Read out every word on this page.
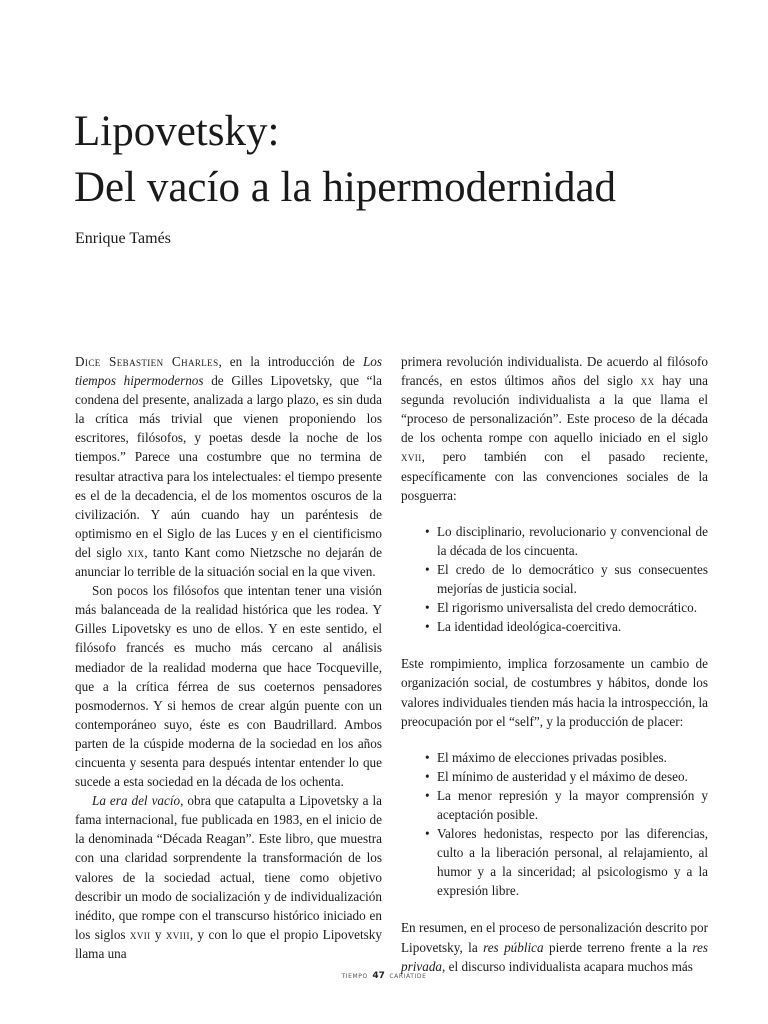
Lipovetsky:
Del vacío a la hipermodernidad
Enrique Tamés

Dice Sebastien Charles, en la introducción de Los tiempos hipermodernos de Gilles Lipovetsky, que “la condena del presente, analizada a largo plazo, es sin duda la crítica más trivial que vienen proponiendo los escritores, filósofos, y poetas desde la noche de los tiempos.” Parece una costumbre que no termina de resultar atractiva para los intelectuales: el tiempo presente es el de la decadencia, el de los momentos oscuros de la civilización. Y aún cuando hay un paréntesis de optimismo en el Siglo de las Luces y en el cientificismo del siglo xix, tanto Kant como Nietzsche no dejarán de anunciar lo terrible de la situación social en la que viven.

Son pocos los filósofos que intentan tener una visión más balanceada de la realidad histórica que les rodea. Y Gilles Lipovetsky es uno de ellos. Y en este sentido, el filósofo francés es mucho más cercano al análisis mediador de la realidad moderna que hace Tocqueville, que a la crítica férrea de sus coeternos pensadores posmodernos. Y si hemos de crear algún puente con un contemporáneo suyo, éste es con Baudrillard. Ambos parten de la cúspide moderna de la sociedad en los años cincuenta y sesenta para después intentar entender lo que sucede a esta sociedad en la década de los ochenta.

La era del vacío, obra que catapulta a Lipovetsky a la fama internacional, fue publicada en 1983, en el inicio de la denominada “Década Reagan”. Este libro, que muestra con una claridad sorprendente la transformación de los valores de la sociedad actual, tiene como objetivo describir un modo de socialización y de individualización inédito, que rompe con el transcurso histórico iniciado en los siglos xvii y xviii, y con lo que el propio Lipovetsky llama una

primera revolución individualista. De acuerdo al filósofo francés, en estos últimos años del siglo xx hay una segunda revolución individualista a la que llama el “proceso de personalización”. Este proceso de la década de los ochenta rompe con aquello iniciado en el siglo xvii, pero también con el pasado reciente, específicamente con las convenciones sociales de la posguerra:

• Lo disciplinario, revolucionario y convencional de la década de los cincuenta.
• El credo de lo democrático y sus consecuentes mejorías de justicia social.
• El rigorismo universalista del credo democrático.
• La identidad ideológica-coercitiva.

Este rompimiento, implica forzosamente un cambio de organización social, de costumbres y hábitos, donde los valores individuales tienden más hacia la introspección, la preocupación por el “self”, y la producción de placer:

• El máximo de elecciones privadas posibles.
• El mínimo de austeridad y el máximo de deseo.
• La menor represión y la mayor comprensión y aceptación posible.
• Valores hedonistas, respecto por las diferencias, culto a la liberación personal, al relajamiento, al humor y a la sinceridad; al psicologismo y a la expresión libre.

En resumen, en el proceso de personalización descrito por Lipovetsky, la res pública pierde terreno frente a la res privada, el discurso individualista acapara muchos más

TIEMPO 47 CARIÁTIDE
